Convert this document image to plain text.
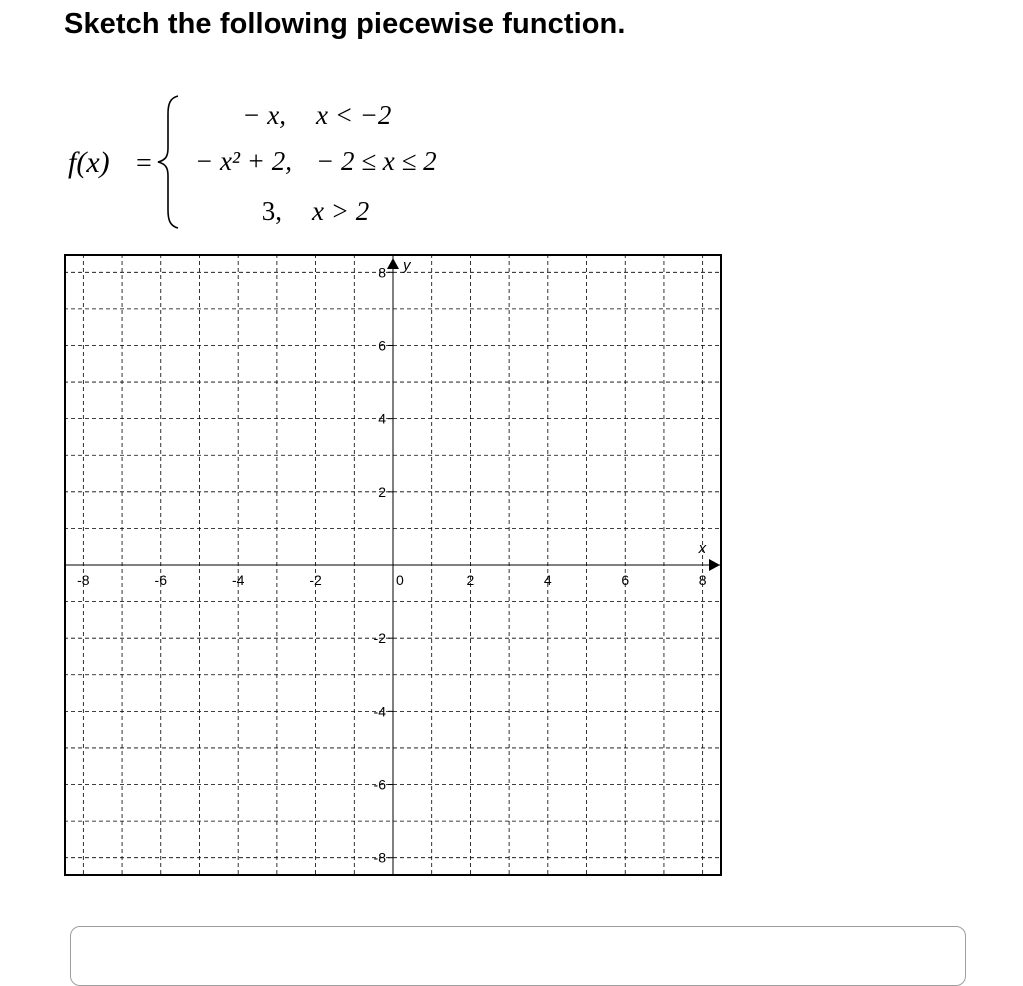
Sketch the following piecewise function.
f(x) =
− x, x < −2
− x² + 2, − 2 ≤ x ≤ 2
3, x > 2
x
y
-8	-6	-4	-2	0	2	4	6	8
8
6
4
2
-2
-4
-6
-8
